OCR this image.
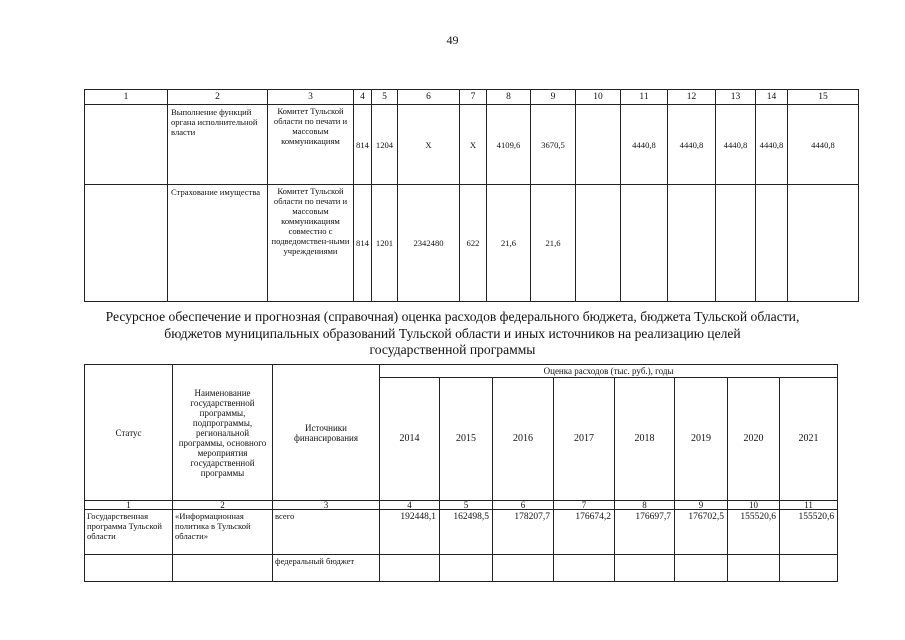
49
1	2	3	4	5	6	7	8	9	10	11	12	13	14	15
	Выполнение функций органа исполнительной власти	Комитет Тульской области по печати и массовым коммуникациям	814	1204	X	X	4109,6	3670,5		4440,8	4440,8	4440,8	4440,8	4440,8
	Страхование имущества	Комитет Тульской области по печати и массовым коммуникациям совместно с подведомствен-ными учреждениями	814	1201	2342480	622	21,6	21,6						
Ресурсное обеспечение и прогнозная (справочная) оценка расходов федерального бюджета, бюджета Тульской области,
бюджетов муниципальных образований Тульской области и иных источников на реализацию целей
государственной программы
Статус	Наименование государственной программы, подпрограммы, региональной программы, основного мероприятия государственной программы	Источники финансирования	Оценка расходов (тыс. руб.), годы							
			2014	2015	2016	2017	2018	2019	2020	2021
1	2	3	4	5	6	7	8	9	10	11
Государственная программа Тульской области	«Информационная политика в Тульской области»	всего	192448,1	162498,5	178207,7	176674,2	176697,7	176702,5	155520,6	155520,6
		федеральный бюджет								
